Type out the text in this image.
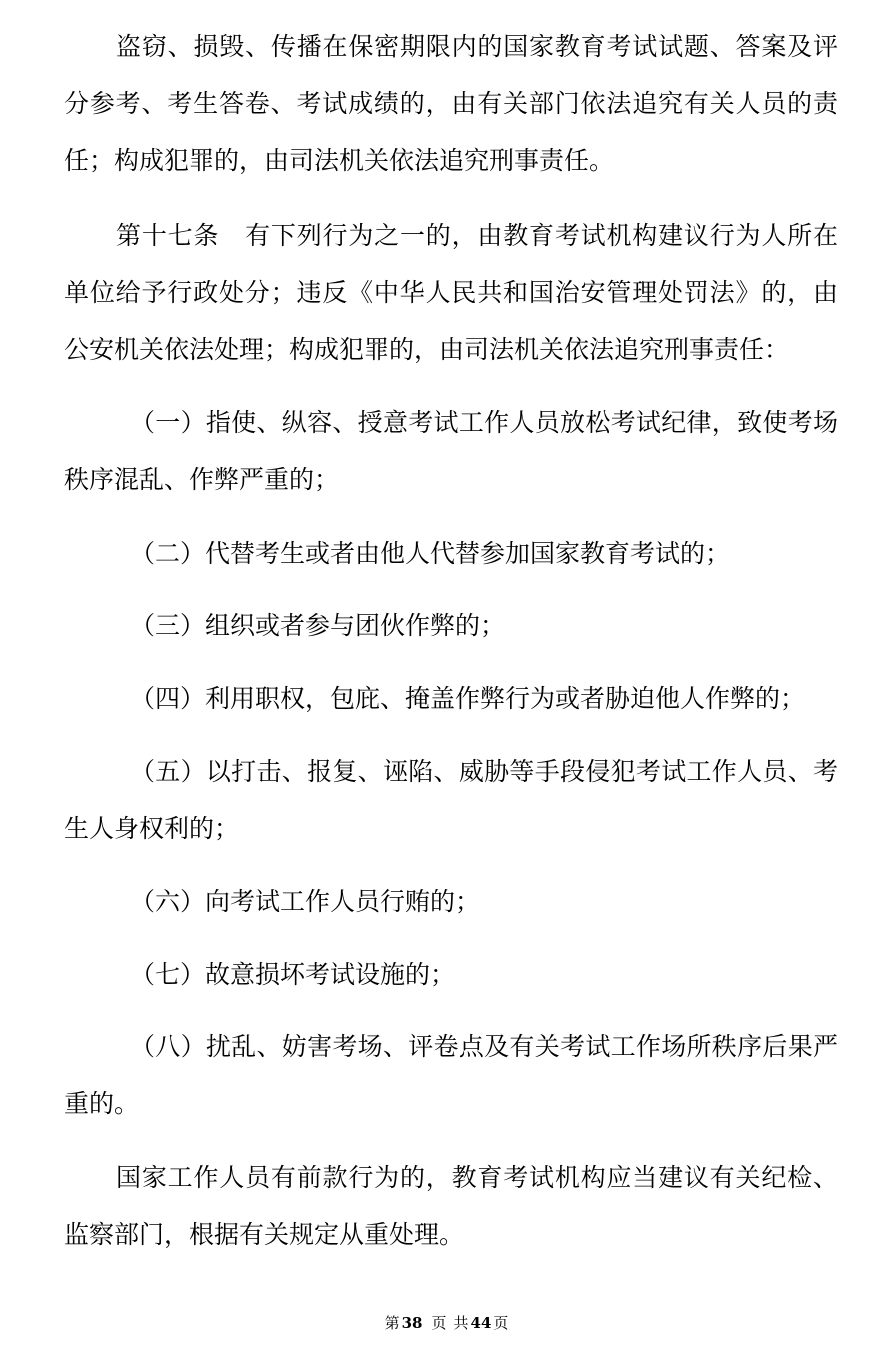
盗窃、损毁、传播在保密期限内的国家教育考试试题、答案及评分参考、考生答卷、考试成绩的，由有关部门依法追究有关人员的责任；构成犯罪的，由司法机关依法追究刑事责任。

第十七条　有下列行为之一的，由教育考试机构建议行为人所在单位给予行政处分；违反《中华人民共和国治安管理处罚法》的，由公安机关依法处理；构成犯罪的，由司法机关依法追究刑事责任：

（一）指使、纵容、授意考试工作人员放松考试纪律，致使考场秩序混乱、作弊严重的；

（二）代替考生或者由他人代替参加国家教育考试的；

（三）组织或者参与团伙作弊的；

（四）利用职权，包庇、掩盖作弊行为或者胁迫他人作弊的；

（五）以打击、报复、诬陷、威胁等手段侵犯考试工作人员、考生人身权利的；

（六）向考试工作人员行贿的；

（七）故意损坏考试设施的；

（八）扰乱、妨害考场、评卷点及有关考试工作场所秩序后果严重的。

国家工作人员有前款行为的，教育考试机构应当建议有关纪检、监察部门，根据有关规定从重处理。

第 38 页 共 44 页
